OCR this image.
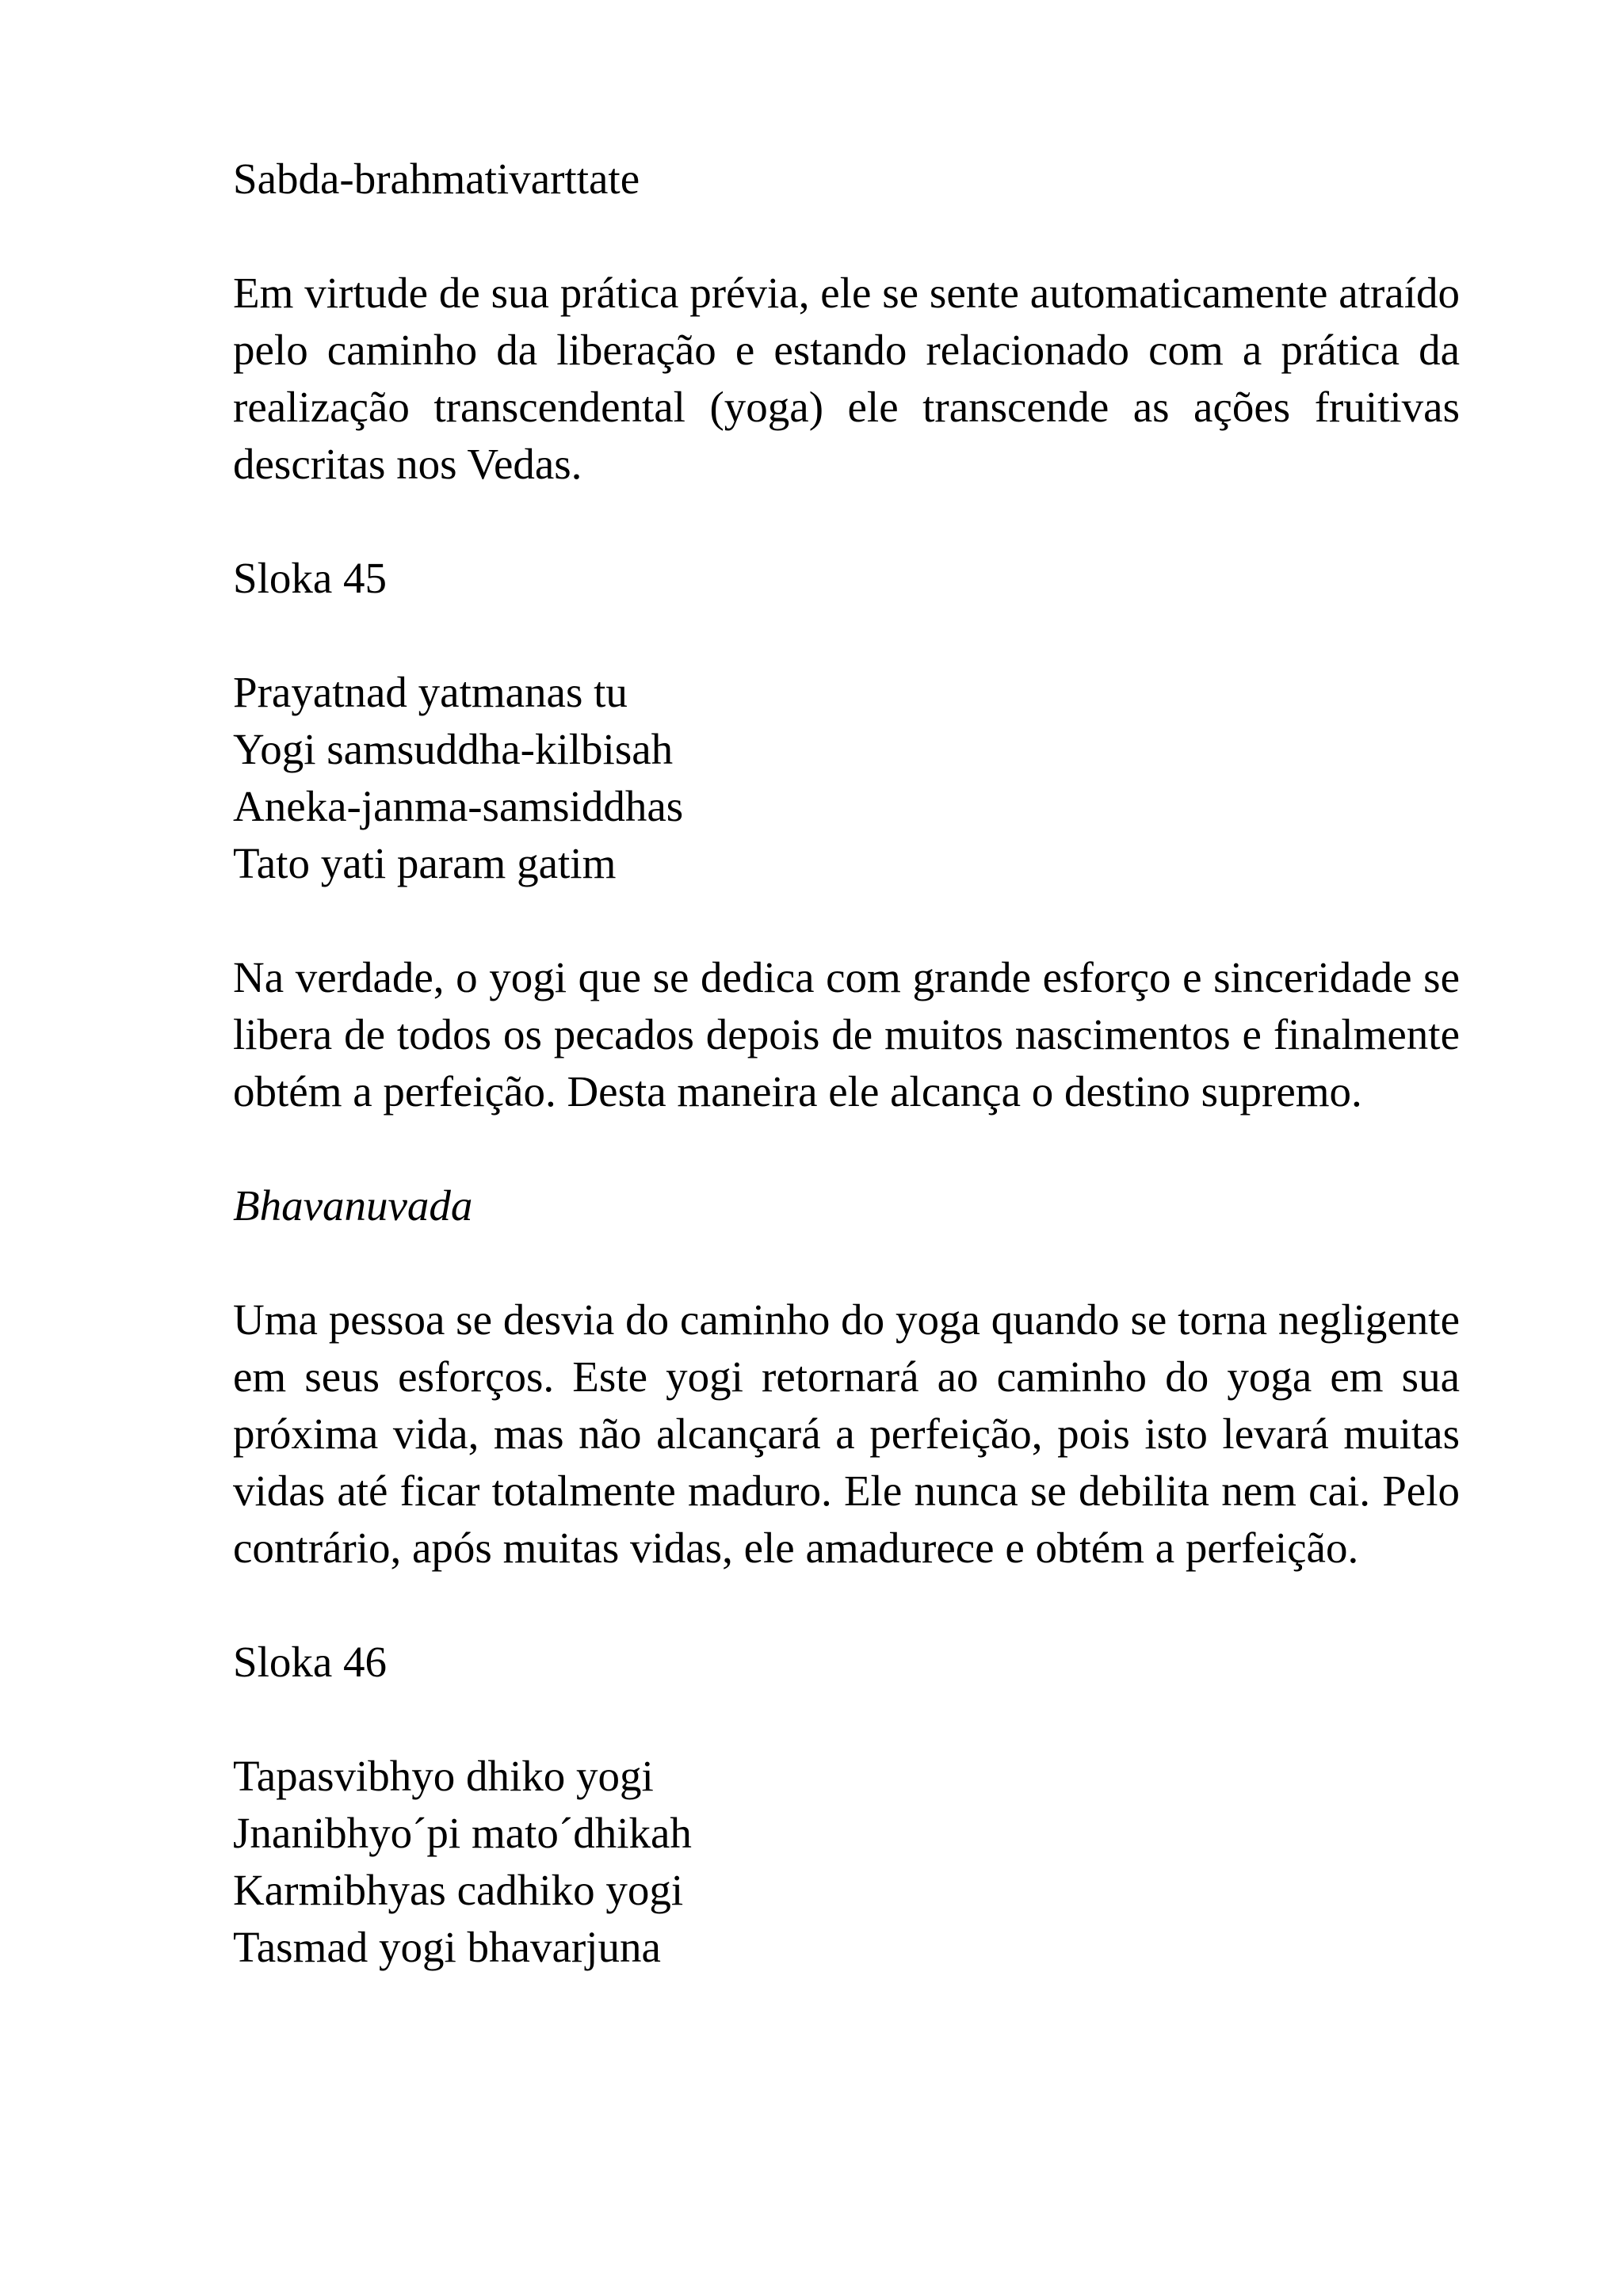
Sabda-brahmativarttate

Em virtude de sua prática prévia, ele se sente automaticamente atraído pelo caminho da liberação e estando relacionado com a prática da realização transcendental (yoga) ele transcende as ações fruitivas descritas nos Vedas.

Sloka 45

Prayatnad yatmanas tu
Yogi samsuddha-kilbisah
Aneka-janma-samsiddhas
Tato yati param gatim

Na verdade, o yogi que se dedica com grande esforço e sinceridade se libera de todos os pecados depois de muitos nascimentos e finalmente obtém a perfeição. Desta maneira ele alcança o destino supremo.

Bhavanuvada

Uma pessoa se desvia do caminho do yoga quando se torna negligente em seus esforços. Este yogi retornará ao caminho do yoga em sua próxima vida, mas não alcançará a perfeição, pois isto levará muitas vidas até ficar totalmente maduro. Ele nunca se debilita nem cai. Pelo contrário, após muitas vidas, ele amadurece e obtém a perfeição.

Sloka 46

Tapasvibhyo dhiko yogi
Jnanibhyo´pi mato´dhikah
Karmibhyas cadhiko yogi
Tasmad yogi bhavarjuna
